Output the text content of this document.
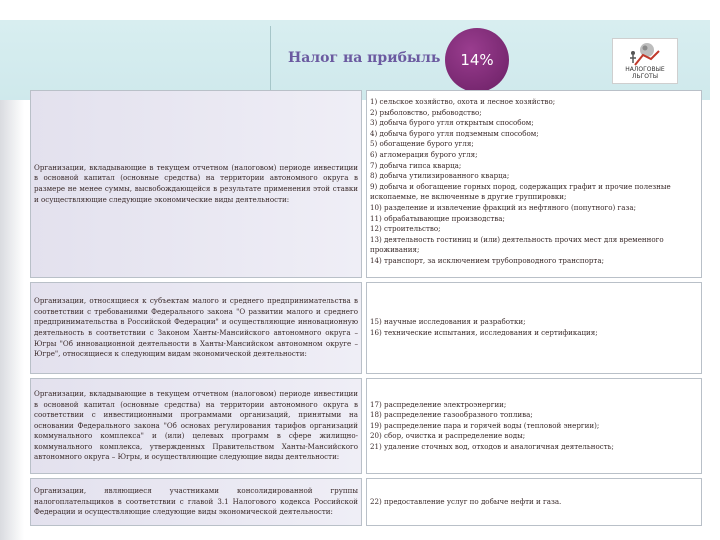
Налог на прибыль 14%
НАЛОГОВЫЕ ЛЬГОТЫ
Организации, вкладывающие в текущем отчетном (налоговом) периоде инвестиции в основной капитал (основные средства) на территории автономного округа в размере не менее суммы, высвобождающейся в результате применения этой ставки и осуществляющие следующие экономические виды деятельности:
1) сельское хозяйство, охота и лесное хозяйство;
2) рыболовство, рыбоводство;
3) добыча бурого угля открытым способом;
4) добыча бурого угля подземным способом;
5) обогащение бурого угля;
6) агломерация бурого угля;
7) добыча гипса кварца;
8) добыча утилизированного кварца;
9) добыча и обогащение горных пород, содержащих графит и прочие полезные ископаемые, не включенные в другие группировки;
10) разделение и извлечение фракций из нефтяного (попутного) газа;
11) обрабатывающие производства;
12) строительство;
13) деятельность гостиниц и (или) деятельность прочих мест для временного проживания;
14) транспорт, за исключением трубопроводного транспорта;
Организации, относящиеся к субъектам малого и среднего предпринимательства в соответствии с требованиями Федерального закона "О развитии малого и среднего предпринимательства в Российской Федерации" и осуществляющие инновационную деятельность в соответствии с Законом Ханты-Мансийского автономного округа – Югры "Об инновационной деятельности в Ханты-Мансийском автономном округе – Югре", относящиеся к следующим видам экономической деятельности:
15) научные исследования и разработки;
16) технические испытания, исследования и сертификация;
Организации, вкладывающие в текущем отчетном (налоговом) периоде инвестиции в основной капитал (основные средства) на территории автономного округа в соответствии с инвестиционными программами организаций, принятыми на основании Федерального закона "Об основах регулирования тарифов организаций коммунального комплекса" и (или) целевых программ в сфере жилищно-коммунального комплекса, утвержденных Правительством Ханты-Мансийского автономного округа – Югры, и осуществляющие следующие виды деятельности:
17) распределение электроэнергии;
18) распределение газообразного топлива;
19) распределение пара и горячей воды (тепловой энергии);
20) сбор, очистка и распределение воды;
21) удаление сточных вод, отходов и аналогичная деятельность;
Организации, являющиеся участниками консолидированной группы налогоплательщиков в соответствии с главой 3.1 Налогового кодекса Российской Федерации и осуществляющие следующие виды экономической деятельности:
22) предоставление услуг по добыче нефти и газа.
